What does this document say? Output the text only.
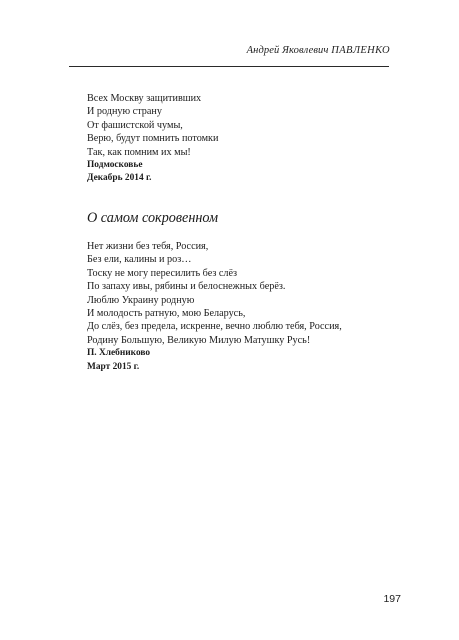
Андрей Яковлевич ПАВЛЕНКО
Всех Москву защитивших
И родную страну
От фашистской чумы,
Верю, будут помнить потомки
Так, как помним их мы!
Подмосковье
Декабрь 2014 г.
О самом сокровенном
Нет жизни без тебя, Россия,
Без ели, калины и роз…
Тоску не могу пересилить без слёз
По запаху ивы, рябины и белоснежных берёз.
Люблю Украину родную
И молодость ратную, мою Беларусь,
До слёз, без предела, искренне, вечно люблю тебя, Россия,
Родину Большую, Великую Милую Матушку Русь!
П. Хлебниково
Март 2015 г.
197
